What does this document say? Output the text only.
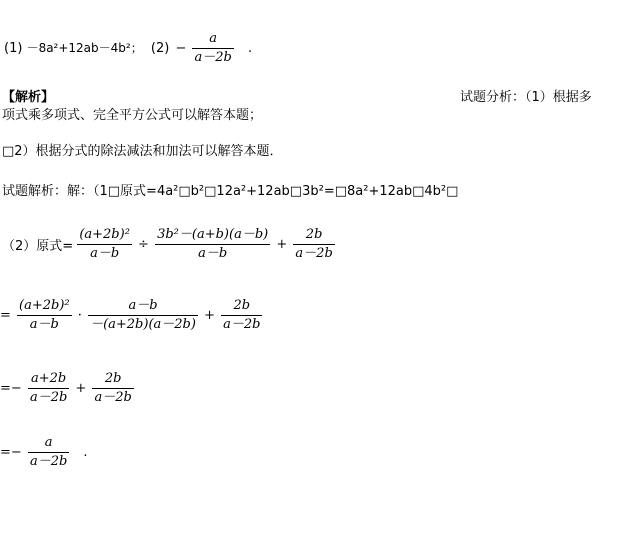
(1) －8a²+12ab－4b²； $(2) - \frac{a}{a-2b}$ .
【解析】	试题分析：（1）根据多
项式乘多项式、完全平方公式可以解答本题；
□2）根据分式的除法减法和加法可以解答本题．
试题解析：解：（1□原式=4a²□b²□12a²+12ab□3b²=□8a²+12ab□4b²□
（2）原式= $\frac{\text{(a+2b)²}}{a-b} \div \frac{\text{3b²－(a+b)(a－b)}}{a-b} + \frac{2b}{a-2b}$
= $\frac{\text{(a+2b)²}}{a-b} \cdot \frac{a-b}{-(a+2b)(a-2b)} + \frac{2b}{a-2b}$
=− $\frac{a+2b}{a-2b} + \frac{2b}{a-2b}$
=− $\frac{a}{a-2b}$ .
